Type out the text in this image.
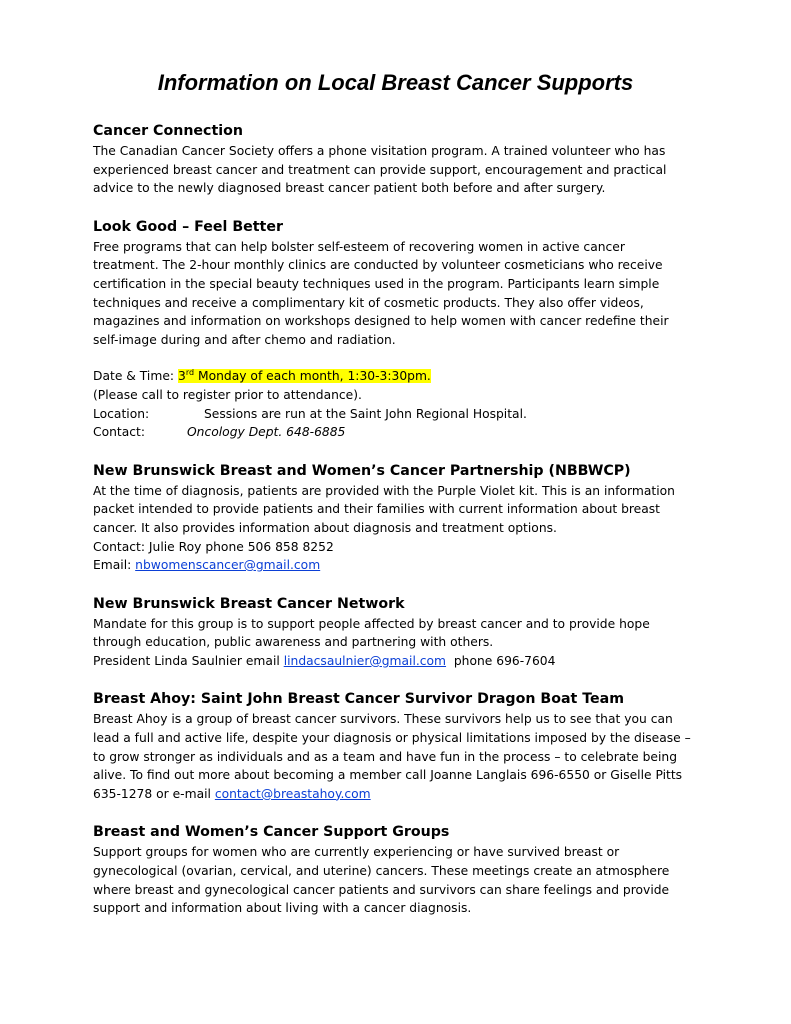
Information on Local Breast Cancer Supports

Cancer Connection

The Canadian Cancer Society offers a phone visitation program. A trained volunteer who has

experienced breast cancer and treatment can provide support, encouragement and practical

advice to the newly diagnosed breast cancer patient both before and after surgery.

Look Good – Feel Better

Free programs that can help bolster self-esteem of recovering women in active cancer

treatment. The 2-hour monthly clinics are conducted by volunteer cosmeticians who receive

certification in the special beauty techniques used in the program. Participants learn simple

techniques and receive a complimentary kit of cosmetic products. They also offer videos,

magazines and information on workshops designed to help women with cancer redefine their

self-image during and after chemo and radiation.

Date & Time: 3rd Monday of each month, 1:30-3:30pm.

(Please call to register prior to attendance).

Location:	Sessions are run at the Saint John Regional Hospital.

Contact:	Oncology Dept. 648-6885

New Brunswick Breast and Women’s Cancer Partnership (NBBWCP)

At the time of diagnosis, patients are provided with the Purple Violet kit. This is an information

packet intended to provide patients and their families with current information about breast

cancer. It also provides information about diagnosis and treatment options.

Contact: Julie Roy phone 506 858 8252

Email: nbwomenscancer@gmail.com

New Brunswick Breast Cancer Network

Mandate for this group is to support people affected by breast cancer and to provide hope

through education, public awareness and partnering with others.

President Linda Saulnier email lindacsaulnier@gmail.com  phone 696-7604

Breast Ahoy: Saint John Breast Cancer Survivor Dragon Boat Team

Breast Ahoy is a group of breast cancer survivors. These survivors help us to see that you can

lead a full and active life, despite your diagnosis or physical limitations imposed by the disease –

to grow stronger as individuals and as a team and have fun in the process – to celebrate being

alive. To find out more about becoming a member call Joanne Langlais 696-6550 or Giselle Pitts

635-1278 or e-mail contact@breastahoy.com

Breast and Women’s Cancer Support Groups

Support groups for women who are currently experiencing or have survived breast or

gynecological (ovarian, cervical, and uterine) cancers. These meetings create an atmosphere

where breast and gynecological cancer patients and survivors can share feelings and provide

support and information about living with a cancer diagnosis.
